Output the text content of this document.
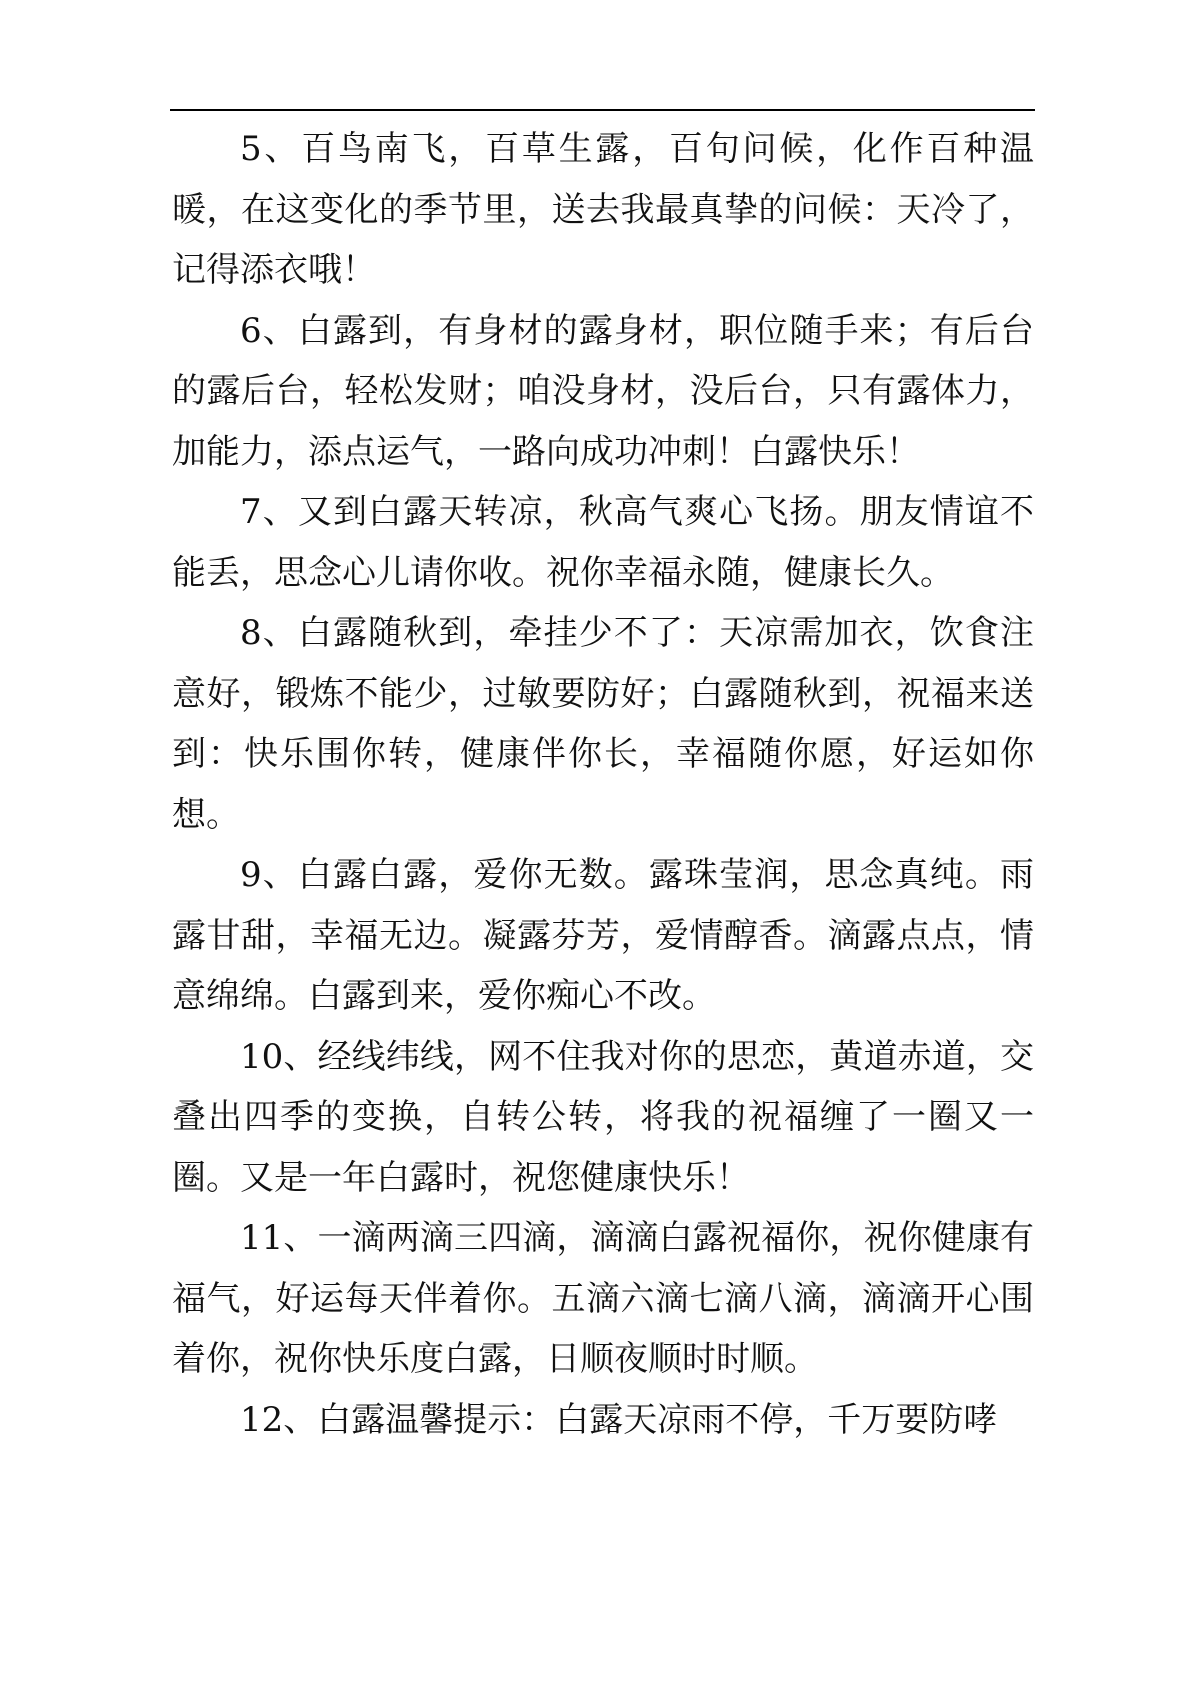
5、百鸟南飞，百草生露，百句问候，化作百种温暖，在这变化的季节里，送去我最真挚的问候：天冷了，记得添衣哦！

6、白露到，有身材的露身材，职位随手来；有后台的露后台，轻松发财；咱没身材，没后台，只有露体力，加能力，添点运气，一路向成功冲刺！白露快乐！

7、又到白露天转凉，秋高气爽心飞扬。朋友情谊不能丢，思念心儿请你收。祝你幸福永随，健康长久。

8、白露随秋到，牵挂少不了：天凉需加衣，饮食注意好，锻炼不能少，过敏要防好；白露随秋到，祝福来送到：快乐围你转，健康伴你长，幸福随你愿，好运如你想。

9、白露白露，爱你无数。露珠莹润，思念真纯。雨露甘甜，幸福无边。凝露芬芳，爱情醇香。滴露点点，情意绵绵。白露到来，爱你痴心不改。

10、经线纬线，网不住我对你的思恋，黄道赤道，交叠出四季的变换，自转公转，将我的祝福缠了一圈又一圈。又是一年白露时，祝您健康快乐！

11、一滴两滴三四滴，滴滴白露祝福你，祝你健康有福气，好运每天伴着你。五滴六滴七滴八滴，滴滴开心围着你，祝你快乐度白露，日顺夜顺时时顺。

12、白露温馨提示：白露天凉雨不停，千万要防哮
